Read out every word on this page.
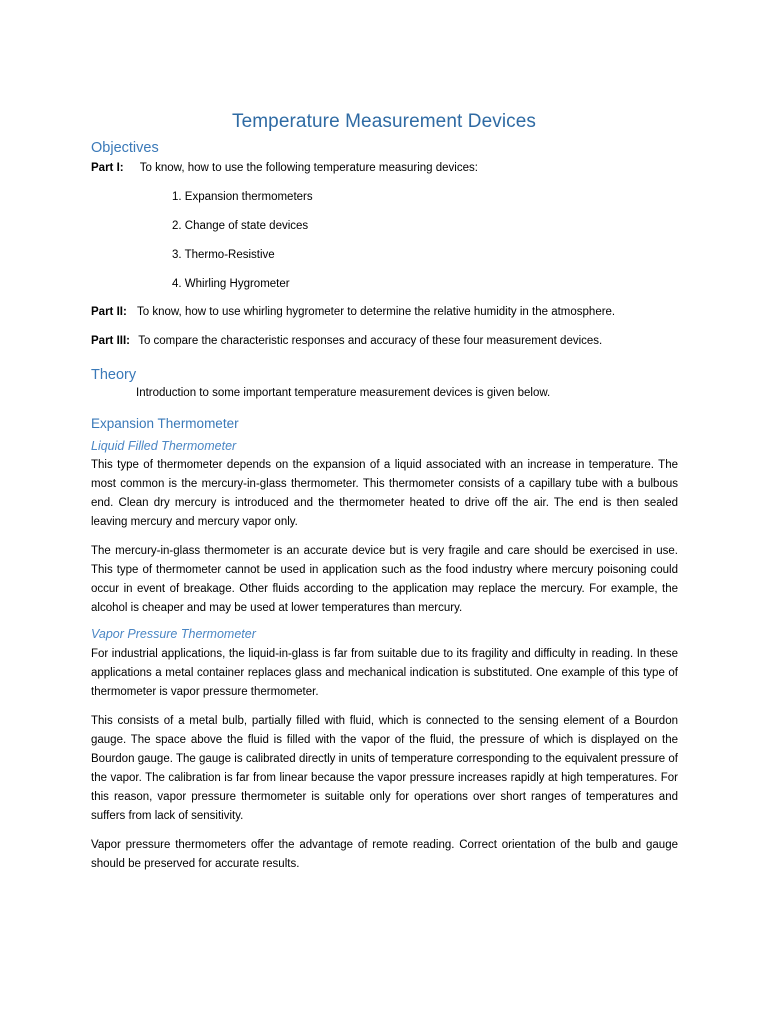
Temperature Measurement Devices
Objectives
Part I: To know, how to use the following temperature measuring devices:
1. Expansion thermometers
2. Change of state devices
3. Thermo-Resistive
4. Whirling Hygrometer
Part II: To know, how to use whirling hygrometer to determine the relative humidity in the atmosphere.
Part III: To compare the characteristic responses and accuracy of these four measurement devices.
Theory
Introduction to some important temperature measurement devices is given below.
Expansion Thermometer
Liquid Filled Thermometer
This type of thermometer depends on the expansion of a liquid associated with an increase in temperature. The most common is the mercury-in-glass thermometer. This thermometer consists of a capillary tube with a bulbous end. Clean dry mercury is introduced and the thermometer heated to drive off the air. The end is then sealed leaving mercury and mercury vapor only.
The mercury-in-glass thermometer is an accurate device but is very fragile and care should be exercised in use. This type of thermometer cannot be used in application such as the food industry where mercury poisoning could occur in event of breakage. Other fluids according to the application may replace the mercury. For example, the alcohol is cheaper and may be used at lower temperatures than mercury.
Vapor Pressure Thermometer
For industrial applications, the liquid-in-glass is far from suitable due to its fragility and difficulty in reading. In these applications a metal container replaces glass and mechanical indication is substituted. One example of this type of thermometer is vapor pressure thermometer.
This consists of a metal bulb, partially filled with fluid, which is connected to the sensing element of a Bourdon gauge. The space above the fluid is filled with the vapor of the fluid, the pressure of which is displayed on the Bourdon gauge. The gauge is calibrated directly in units of temperature corresponding to the equivalent pressure of the vapor. The calibration is far from linear because the vapor pressure increases rapidly at high temperatures. For this reason, vapor pressure thermometer is suitable only for operations over short ranges of temperatures and suffers from lack of sensitivity.
Vapor pressure thermometers offer the advantage of remote reading. Correct orientation of the bulb and gauge should be preserved for accurate results.
